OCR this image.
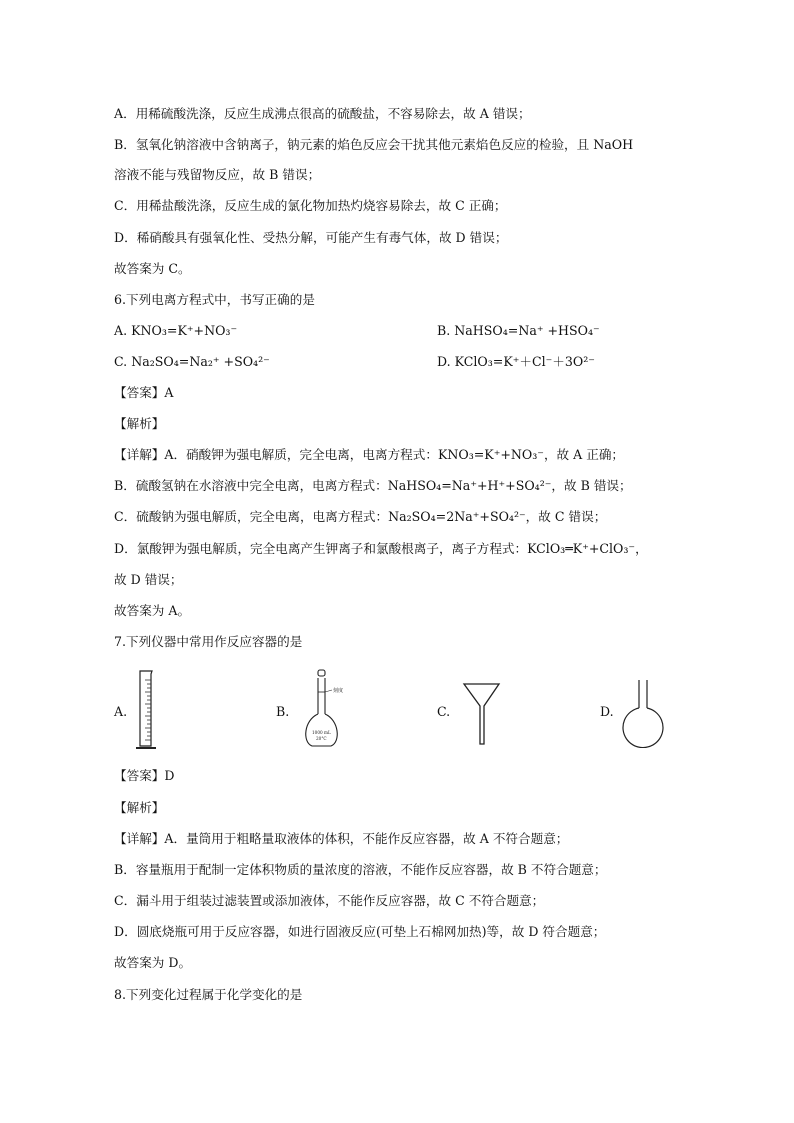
A．用稀硫酸洗涤，反应生成沸点很高的硫酸盐，不容易除去，故 A 错误；
B．氢氧化钠溶液中含钠离子，钠元素的焰色反应会干扰其他元素焰色反应的检验，且 NaOH
溶液不能与残留物反应，故 B 错误；
C．用稀盐酸洗涤，反应生成的氯化物加热灼烧容易除去，故 C 正确；
D．稀硝酸具有强氧化性、受热分解，可能产生有毒气体，故 D 错误；
故答案为 C。
6.下列电离方程式中，书写正确的是
A. KNO₃=K⁺+NO₃⁻	B. NaHSO₄=Na⁺ +HSO₄⁻
C. Na₂SO₄=Na₂⁺ +SO₄²⁻	D. KClO₃=K⁺＋Cl⁻＋3O²⁻
【答案】A
【解析】
【详解】A．硝酸钾为强电解质，完全电离，电离方程式：KNO₃=K⁺+NO₃⁻，故 A 正确；
B．硫酸氢钠在水溶液中完全电离，电离方程式：NaHSO₄=Na⁺+H⁺+SO₄²⁻，故 B 错误；
C．硫酸钠为强电解质，完全电离，电离方程式：Na₂SO₄=2Na⁺+SO₄²⁻，故 C 错误；
D．氯酸钾为强电解质，完全电离产生钾离子和氯酸根离子，离子方程式：KClO₃═K⁺+ClO₃⁻，
故 D 错误；
故答案为 A。
7.下列仪器中常用作反应容器的是
A.	B.	C.	D.
刻度
1000 mL
20°C
【答案】D
【解析】
【详解】A．量筒用于粗略量取液体的体积，不能作反应容器，故 A 不符合题意；
B．容量瓶用于配制一定体积物质的量浓度的溶液，不能作反应容器，故 B 不符合题意；
C．漏斗用于组装过滤装置或添加液体，不能作反应容器，故 C 不符合题意；
D．圆底烧瓶可用于反应容器，如进行固液反应(可垫上石棉网加热)等，故 D 符合题意；
故答案为 D。
8.下列变化过程属于化学变化的是
